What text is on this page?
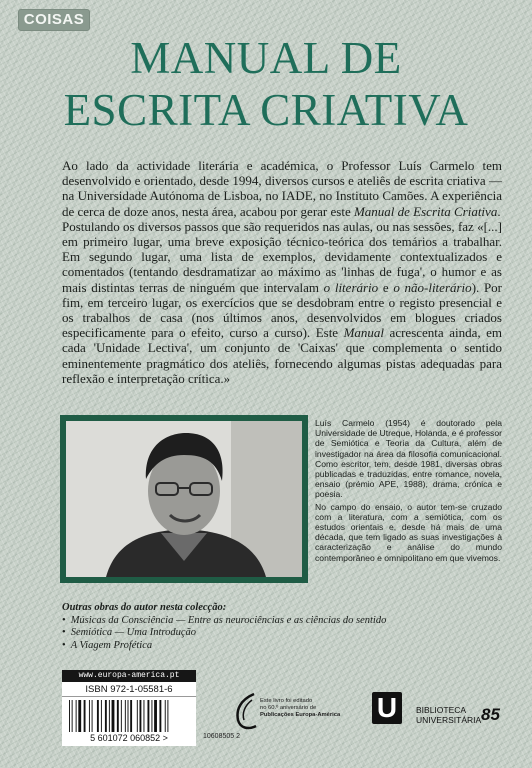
COISAS
MANUAL DE
ESCRITA CRIATIVA

Ao lado da actividade literária e académica, o Professor Luís Carmelo tem desenvolvido e orientado, desde 1994, diversos cursos e ateliês de escrita criativa — na Universidade Autónoma de Lisboa, no IADE, no Instituto Camões. A experiência de cerca de doze anos, nesta área, acabou por gerar este Manual de Escrita Criativa.

Postulando os diversos passos que são requeridos nas aulas, ou nas sessões, faz «[...] em primeiro lugar, uma breve exposição técnico-teórica dos temários a trabalhar. Em segundo lugar, uma lista de exemplos, devidamente contextualizados e comentados (tentando desdramatizar ao máximo as 'linhas de fuga', o humor e as mais distintas terras de ninguém que intervalam o literário e o não-literário). Por fim, em terceiro lugar, os exercícios que se desdobram entre o registo presencial e os trabalhos de casa (nos últimos anos, desenvolvidos em blogues criados especificamente para o efeito, curso a curso). Este Manual acrescenta ainda, em cada 'Unidade Lectiva', um conjunto de 'Caixas' que complementa o sentido eminentemente pragmático dos ateliês, fornecendo algumas pistas adequadas para reflexão e interpretação crítica.»

Luís Carmelo (1954) é doutorado pela Universidade de Utreque, Holanda, e é professor de Semiótica e Teoria da Cultura, além de investigador na área da filosofia comunicacional. Como escritor, tem, desde 1981, diversas obras publicadas e traduzidas, entre romance, novela, ensaio (prémio APE, 1988), drama, crónica e poesia.

No campo do ensaio, o autor tem-se cruzado com a literatura, com a semiótica, com os estudos orientais e, desde há mais de uma década, que tem ligado as suas investigações à caracterização e análise do mundo contemporâneo e omnipolitano em que vivemos.

Outras obras do autor nesta colecção:
• Músicas da Consciência — Entre as neurociências e as ciências do sentido
• Semiótica — Uma Introdução
• A Viagem Profética
www.europa-america.pt
ISBN 972-1-05581-6
5 601072 060852 >	10608505 2
Este livro foi editado
no 60.º aniversário de
Publicações Europa-América	U	BIBLIOTECA
UNIVERSITÁRIA 85
